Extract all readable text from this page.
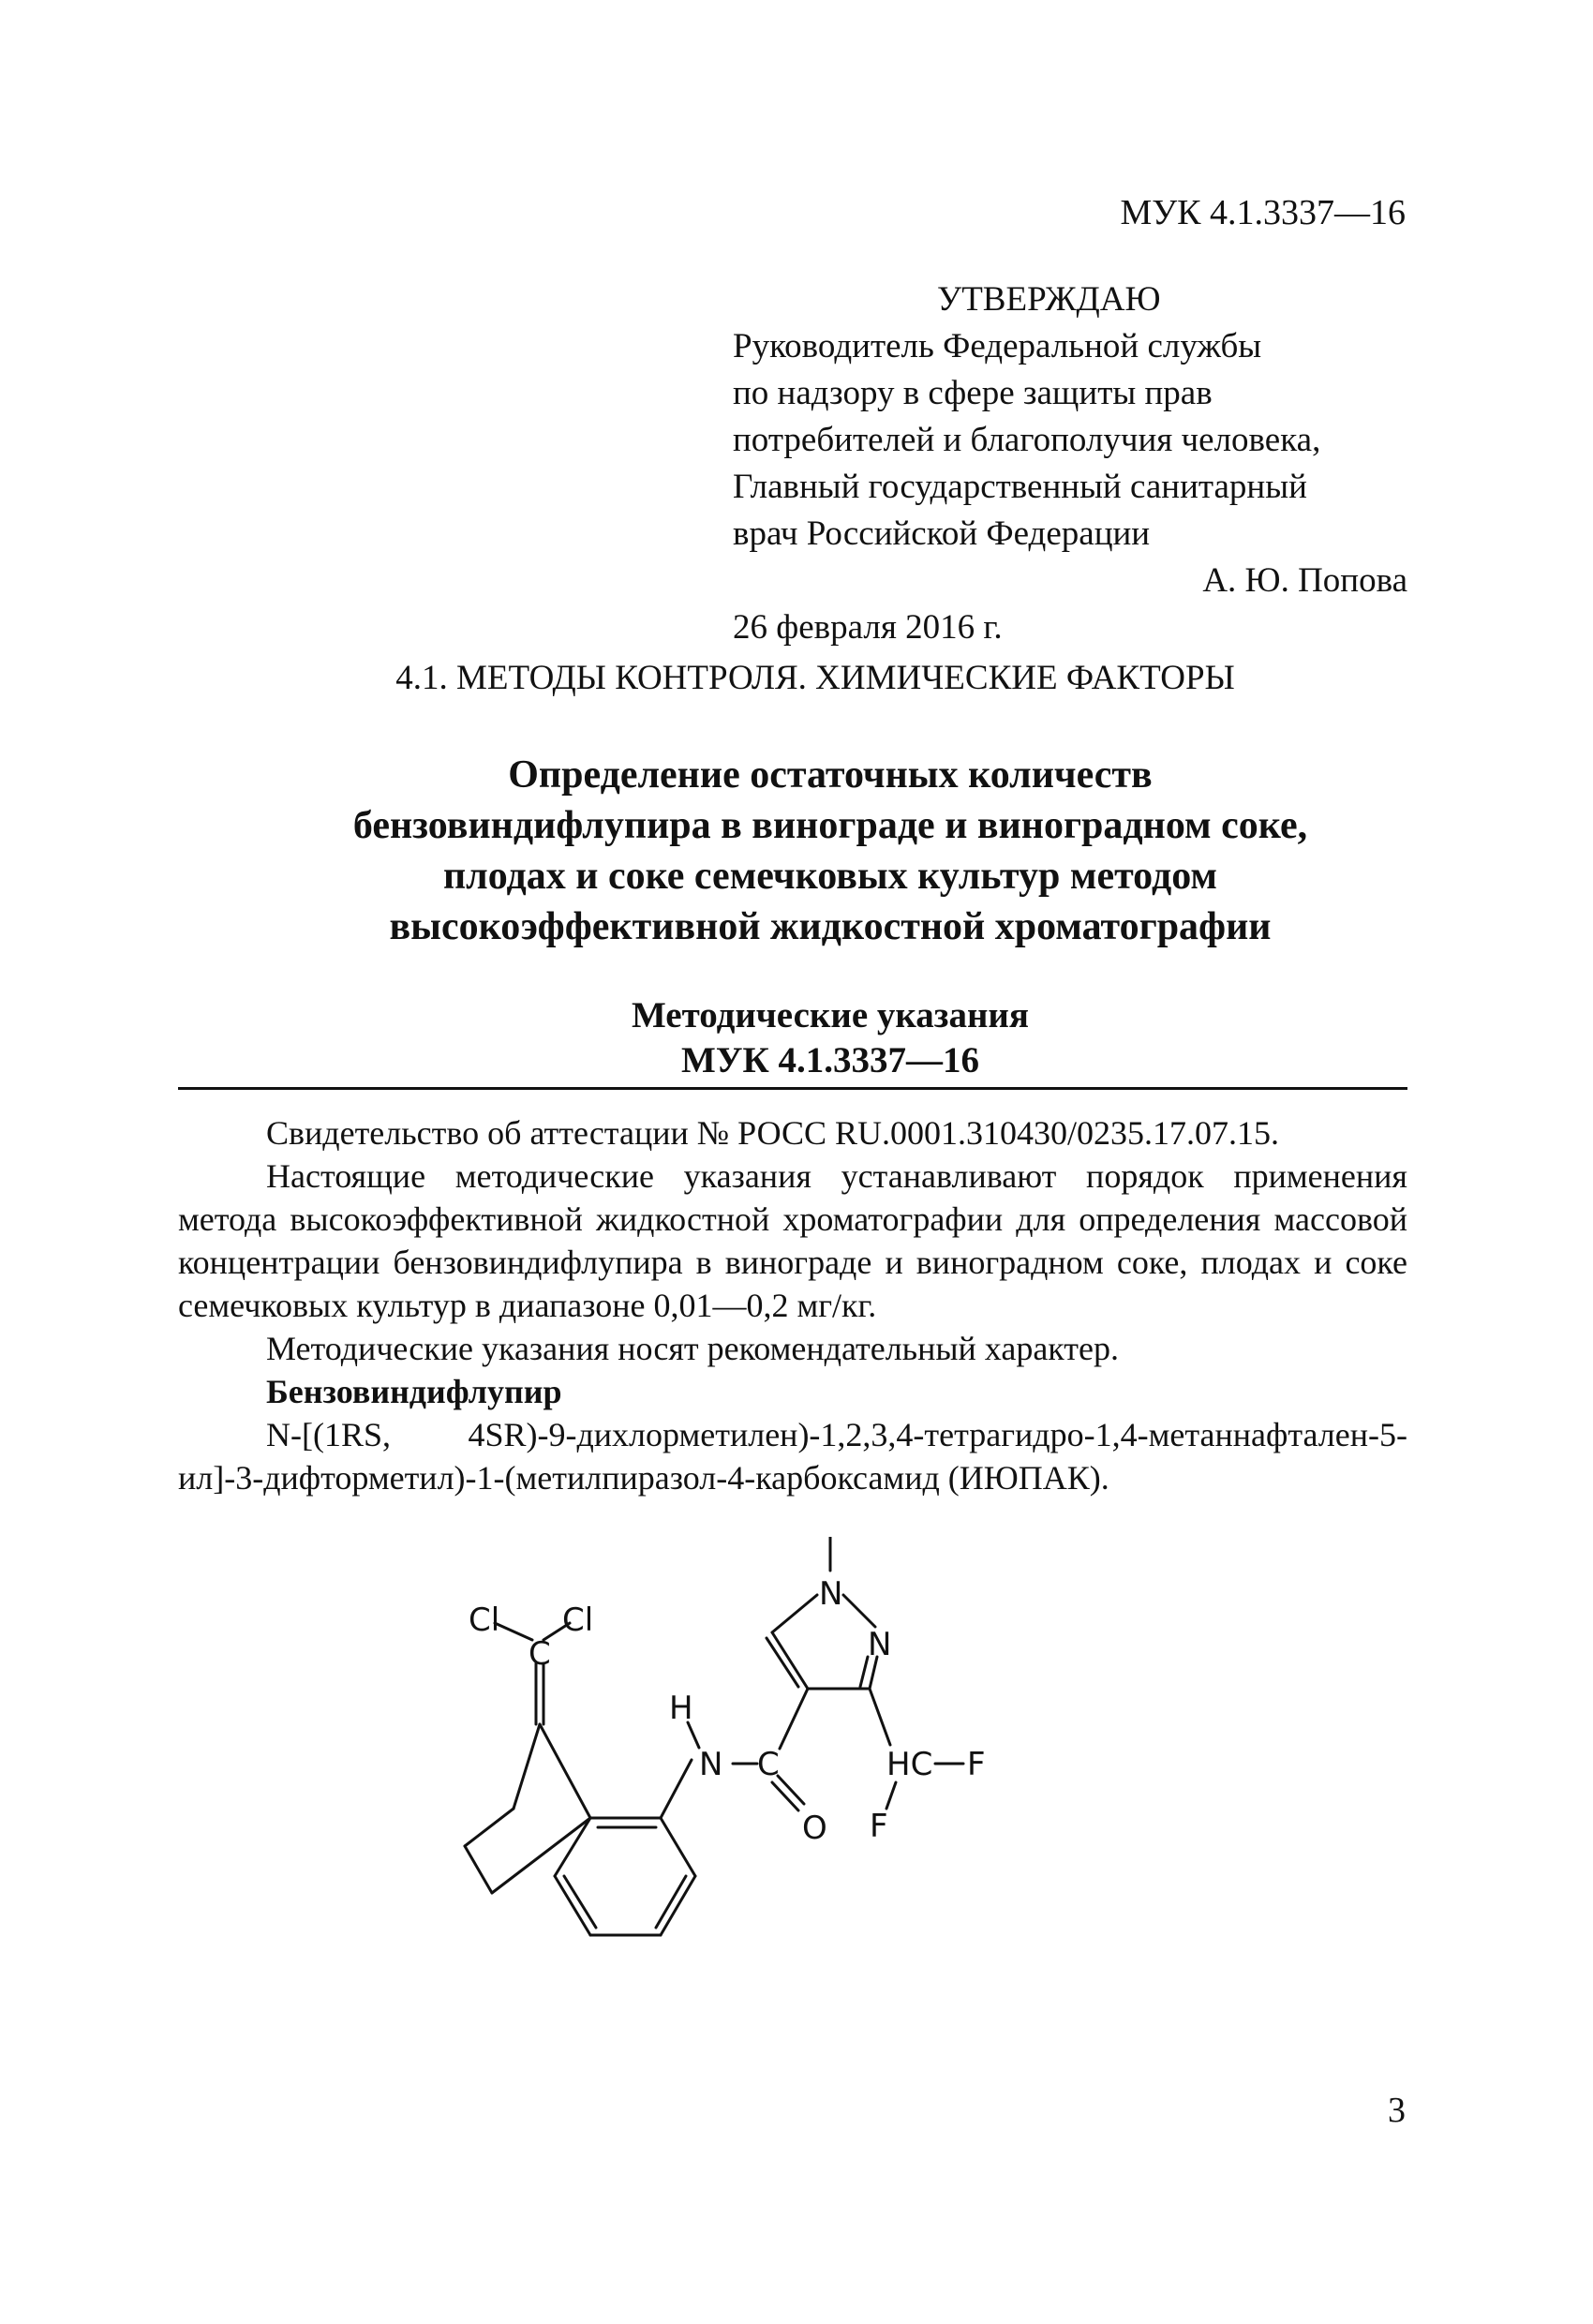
МУК 4.1.3337—16
УТВЕРЖДАЮ
Руководитель Федеральной службы
по надзору в сфере защиты прав
потребителей и благополучия человека,
Главный государственный санитарный
врач Российской Федерации
А. Ю. Попова
26 февраля 2016 г.
4.1. МЕТОДЫ КОНТРОЛЯ. ХИМИЧЕСКИЕ ФАКТОРЫ
Определение остаточных количеств
бензовиндифлупира в винограде и виноградном соке,
плодах и соке семечковых культур методом
высокоэффективной жидкостной хроматографии
Методические указания
МУК 4.1.3337—16

Свидетельство об аттестации № РОСС RU.0001.310430/0235.17.07.15.

Настоящие методические указания устанавливают порядок применения метода высокоэффективной жидкостной хроматографии для определения массовой концентрации бензовиндифлупира в винограде и виноградном соке, плодах и соке семечковых культур в диапазоне 0,01—0,2 мг/кг.

Методические указания носят рекомендательный характер.

Бензовиндифлупир

N-[(1RS, 4SR)-9-дихлорметилен)-1,2,3,4-тетрагидро-1,4-метаннафтален-5-ил]-3-дифторметил)-1-(метилпиразол-4-карбоксамид (ИЮПАК).

Cl Cl
C
N
N
H
N C
O
HC F
F
3
